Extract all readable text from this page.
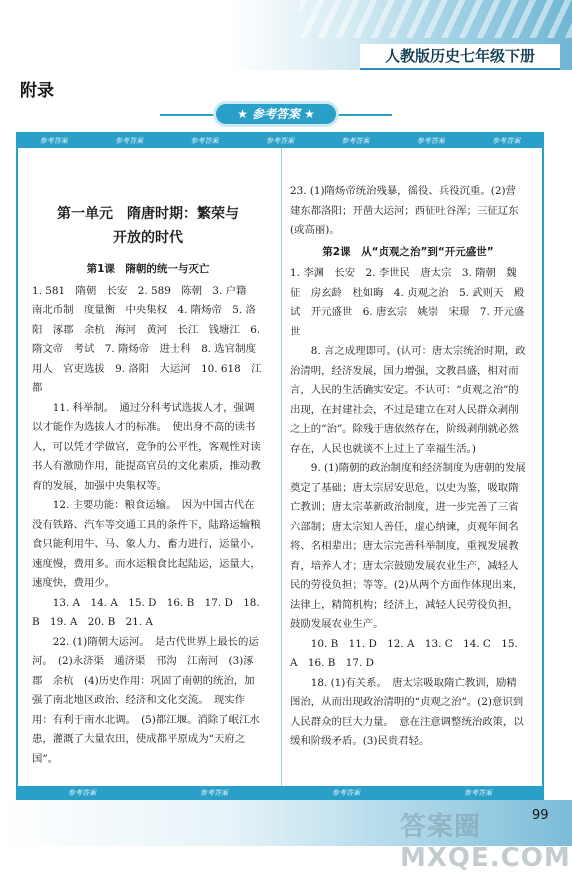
人教版历史七年级下册
附录
★ 参考答案 ★
参考答案	参考答案	参考答案	参考答案	参考答案	参考答案	参考答案
第一单元　隋唐时期：繁荣与
开放的时代
第1课　隋朝的统一与灭亡

1. 581　隋朝　长安　2. 589　陈朝　3. 户籍　南北币制　度量衡　中央集权　4. 隋炀帝　5. 洛阳　涿郡　余杭　海河　黄河　长江　钱塘江　6. 隋文帝　考试　7. 隋炀帝　进士科　8. 选官制度　用人　官吏选拔　9. 洛阳　大运河　10. 618　江都

11. 科举制。　通过分科考试选拔人才，强调以才能作为选拔人才的标准。　使出身不高的读书人，可以凭才学做官，竞争的公平性，客观性对读书人有激励作用，能提高官员的文化素质，推动教育的发展，加强中央集权等。

12. 主要功能：粮食运输。　因为中国古代在没有铁路、汽车等交通工具的条件下，陆路运输粮食只能利用牛、马、象人力、畜力进行，运量小，速度慢，费用多。而水运粮食比起陆运，运量大，速度快，费用少。

13. A　14. A　15. D　16. B　17. D　18. B　19. A　20. B　21. A

22. (1)隋朝大运河。　是古代世界上最长的运河。　(2)永济渠　通济渠　邗沟　江南河　(3)涿郡　余杭　(4)历史作用：巩固了南朝的统治，加强了南北地区政治、经济和文化交流。　现实作用：有利于南水北调。　(5)都江堰。消除了岷江水患，灌溉了大量农田，使成都平原成为“天府之国”。

23. (1)隋炀帝统治残暴，徭役、兵役沉重。(2)营建东都洛阳；开凿大运河；西征吐谷浑；三征辽东(或高丽)。

第2课　从“贞观之治”到“开元盛世”

1. 李渊　长安　2. 李世民　唐太宗　3. 隋朝　魏征　房玄龄　杜如晦　4. 贞观之治　5. 武则天　殿试　开元盛世　6. 唐玄宗　姚崇　宋璟　7. 开元盛世

8. 言之成理即可。(认可：唐太宗统治时期，政治清明，经济发展，国力增强，文教昌盛，相对而言，人民的生活确实安定。不认可：“贞观之治”的出现，在封建社会，不过是建立在对人民群众剥削之上的“治”。除残于唐依然存在，阶级剥削就必然存在，人民也就谈不上过上了幸福生活。)

9. (1)隋朝的政治制度和经济制度为唐朝的发展奠定了基础；唐太宗居安思危，以史为鉴，吸取隋亡教训；唐太宗革新政治制度，进一步完善了三省六部制；唐太宗知人善任，虚心纳谏，贞观年间名将、名相辈出；唐太宗完善科举制度，重视发展教育，培养人才；唐太宗鼓励发展农业生产，减轻人民的劳役负担；等等。(2)从两个方面作体现出来，法律上，精简机构；经济上，减轻人民劳役负担，鼓励发展农业生产。

10. B　11. D　12. A　13. C　14. C　15. A　16. B　17. D

18. (1)有关系。　唐太宗吸取隋亡教训，励精图治，从而出现政治清明的“贞观之治”。(2)意识到人民群众的巨大力量。　意在注意调整统治政策，以缓和阶级矛盾。(3)民贵君轻。

参考答案	参考答案	参考答案	参考答案
答案圈 MXQE.COM
99
